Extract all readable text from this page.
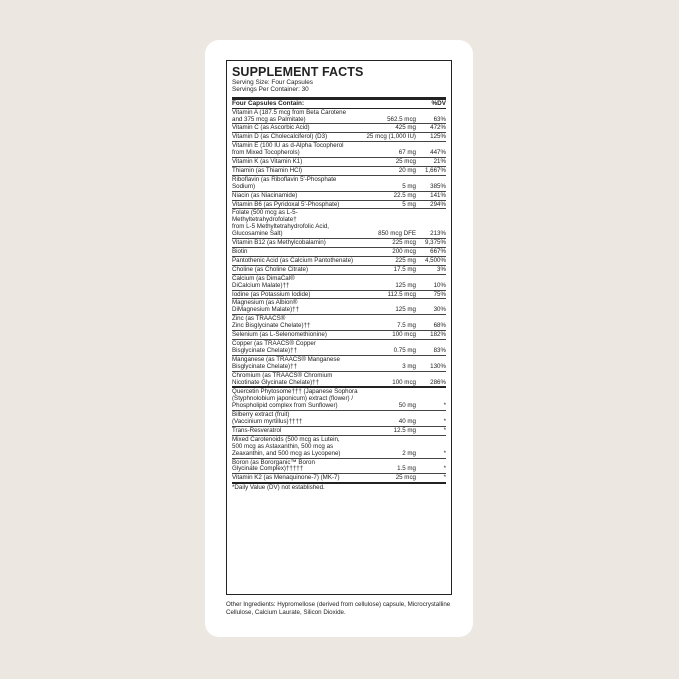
SUPPLEMENT FACTS
Serving Size: Four Capsules
Servings Per Container: 30
Four Capsules Contain:	%DV
Vitamin A (187.5 mcg from Beta Carotene
and 375 mcg as Palmitate)	562.5 mcg	63%
Vitamin C (as Ascorbic Acid)	425 mg	472%
Vitamin D (as Cholecalciferol) (D3)	25 mcg (1,000 IU)	125%
Vitamin E (100 IU as d-Alpha Tocopherol
from Mixed Tocopherols)	67 mg	447%
Vitamin K (as Vitamin K1)	25 mcg	21%
Thiamin (as Thiamin HCl)	20 mg	1,667%
Riboflavin (as Riboflavin 5'-Phosphate Sodium)	5 mg	385%
Niacin (as Niacinamide)	22.5 mg	141%
Vitamin B6 (as Pyridoxal 5'-Phosphate)	5 mg	294%
Folate (500 mcg as L-5-Methyltetrahydrofolate†
from L-5 Methyltetrahydrofolic Acid,
Glucosamine Salt)	850 mcg DFE	213%
Vitamin B12 (as Methylcobalamin)	225 mcg	9,375%
Biotin	200 mcg	667%
Pantothenic Acid (as Calcium Pantothenate)	225 mg	4,500%
Choline (as Choline Citrate)	17.5 mg	3%
Calcium (as DimaCal®
DiCalcium Malate)††	125 mg	10%
Iodine (as Potassium Iodide)	112.5 mcg	75%
Magnesium (as Albion®
DiMagnesium Malate)††	125 mg	30%
Zinc (as TRAACS®
Zinc Bisglycinate Chelate)††	7.5 mg	68%
Selenium (as L-Selenomethionine)	100 mcg	182%
Copper (as TRAACS® Copper
Bisglycinate Chelate)††	0.75 mg	83%
Manganese (as TRAACS® Manganese
Bisglycinate Chelate)††	3 mg	130%
Chromium (as TRAACS® Chromium
Nicotinate Glycinate Chelate)††	100 mcg	286%
Quercetin Phytosome††† (Japanese Sophora
(Styphnolobium japonicum) extract (flower) /
Phospholipid complex from Sunflower)	50 mg	*
Bilberry extract (fruit)
(Vaccinium myrtillus)††††	40 mg	*
Trans-Resveratrol	12.5 mg	*
Mixed Carotenoids (500 mcg as Lutein,
500 mcg as Astaxanthin, 500 mcg as
Zeaxanthin, and 500 mcg as Lycopene)	2 mg	*
Boron (as Bororganic™ Boron
Glycinate Complex)†††††	1.5 mg	*
Vitamin K2 (as Menaquinone-7) (MK-7)	25 mcg	*
*Daily Value (DV) not established.
Other Ingredients: Hypromellose (derived from cellulose) capsule, Microcrystalline Cellulose, Calcium Laurate, Silicon Dioxide.
